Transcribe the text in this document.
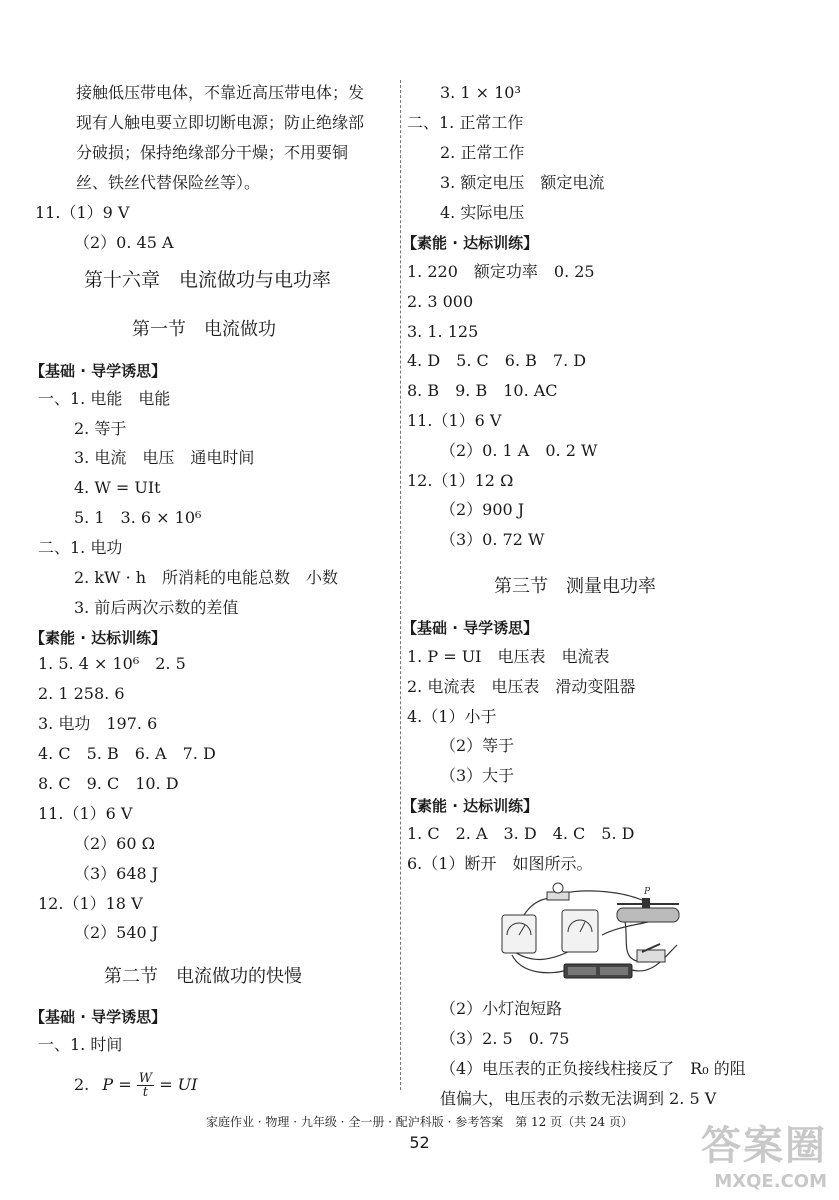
接触低压带电体，不靠近高压带电体；发
现有人触电要立即切断电源；防止绝缘部
分破损；保持绝缘部分干燥；不用要铜
丝、铁丝代替保险丝等）。
11.（1）9 V
（2）0. 45 A
第十六章　电流做功与电功率
第一节　电流做功
【基础 · 导学诱思】
一、1. 电能　电能
2. 等于
3. 电流　电压　通电时间
4. W = UIt
5. 1　3. 6 × 10⁶
二、1. 电功
2. kW · h　所消耗的电能总数　小数
3. 前后两次示数的差值
【素能 · 达标训练】
1. 5. 4 × 10⁶　2. 5
2. 1 258. 6
3. 电功　197. 6
4. C　5. B　6. A　7. D
8. C　9. C　10. D
11.（1）6 V
（2）60 Ω
（3）648 J
12.（1）18 V
（2）540 J
第二节　电流做功的快慢
【基础 · 导学诱思】
一、1. 时间
2. $P = \frac{W}{t}$ = UI
3. 1 × 10³
二、1. 正常工作
2. 正常工作
3. 额定电压　额定电流
4. 实际电压
【素能 · 达标训练】
1. 220　额定功率　0. 25
2. 3 000
3. 1. 125
4. D　5. C　6. B　7. D
8. B　9. B　10. AC
11.（1）6 V
（2）0. 1 A　0. 2 W
12.（1）12 Ω
（2）900 J
（3）0. 72 W
第三节　测量电功率
【基础 · 导学诱思】
1. P = UI　电压表　电流表
2. 电流表　电压表　滑动变阻器
4.（1）小于
（2）等于
（3）大于
【素能 · 达标训练】
1. C　2. A　3. D　4. C　5. D
6.（1）断开　如图所示。
P
（2）小灯泡短路
（3）2. 5　0. 75
（4）电压表的正负接线柱接反了　R₀ 的阻
值偏大，电压表的示数无法调到 2. 5 V
家庭作业 · 物理 · 九年级 · 全一册 · 配沪科版 · 参考答案　第 12 页（共 24 页）
52	答案圈
MXQE.COM
